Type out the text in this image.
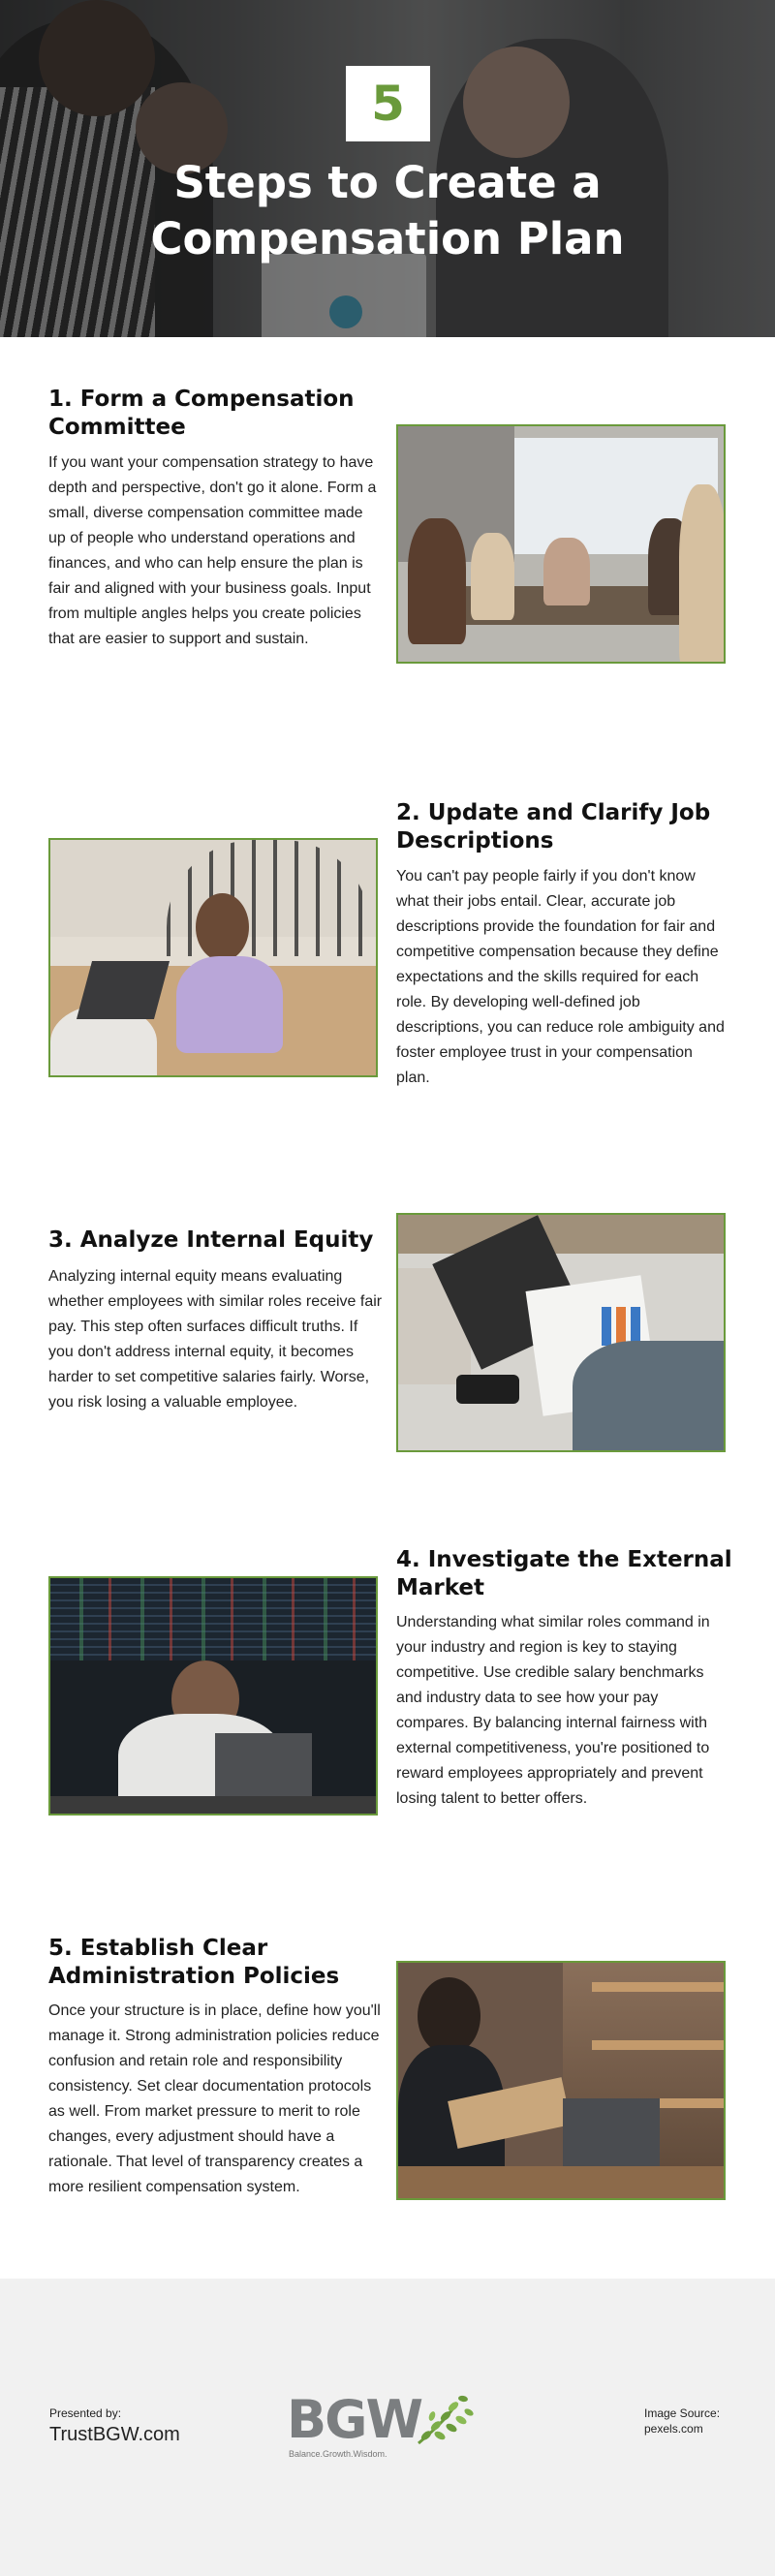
5
Steps to Create a
Compensation Plan
1. Form a Compensation Committee

If you want your compensation strategy to have depth and perspective, don't go it alone. Form a small, diverse compensation committee made up of people who understand operations and finances, and who can help ensure the plan is fair and aligned with your business goals. Input from multiple angles helps you create policies that are easier to support and sustain.

2. Update and Clarify Job Descriptions

You can't pay people fairly if you don't know what their jobs entail. Clear, accurate job descriptions provide the foundation for fair and competitive compensation because they define expectations and the skills required for each role. By developing well-defined job descriptions, you can reduce role ambiguity and foster employee trust in your compensation plan.

3. Analyze Internal Equity

Analyzing internal equity means evaluating whether employees with similar roles receive fair pay. This step often surfaces difficult truths. If you don't address internal equity, it becomes harder to set competitive salaries fairly. Worse, you risk losing a valuable employee.

4. Investigate the External Market

Understanding what similar roles command in your industry and region is key to staying competitive. Use credible salary benchmarks and industry data to see how your pay compares. By balancing internal fairness with external competitiveness, you're positioned to reward employees appropriately and prevent losing talent to better offers.

5. Establish Clear Administration Policies

Once your structure is in place, define how you'll manage it. Strong administration policies reduce confusion and retain role and responsibility consistency. Set clear documentation protocols as well. From market pressure to merit to role changes, every adjustment should have a rationale. That level of transparency creates a more resilient compensation system.

Presented by:
TrustBGW.com BGW
Balance.Growth.Wisdom.
Image Source:
pexels.com
